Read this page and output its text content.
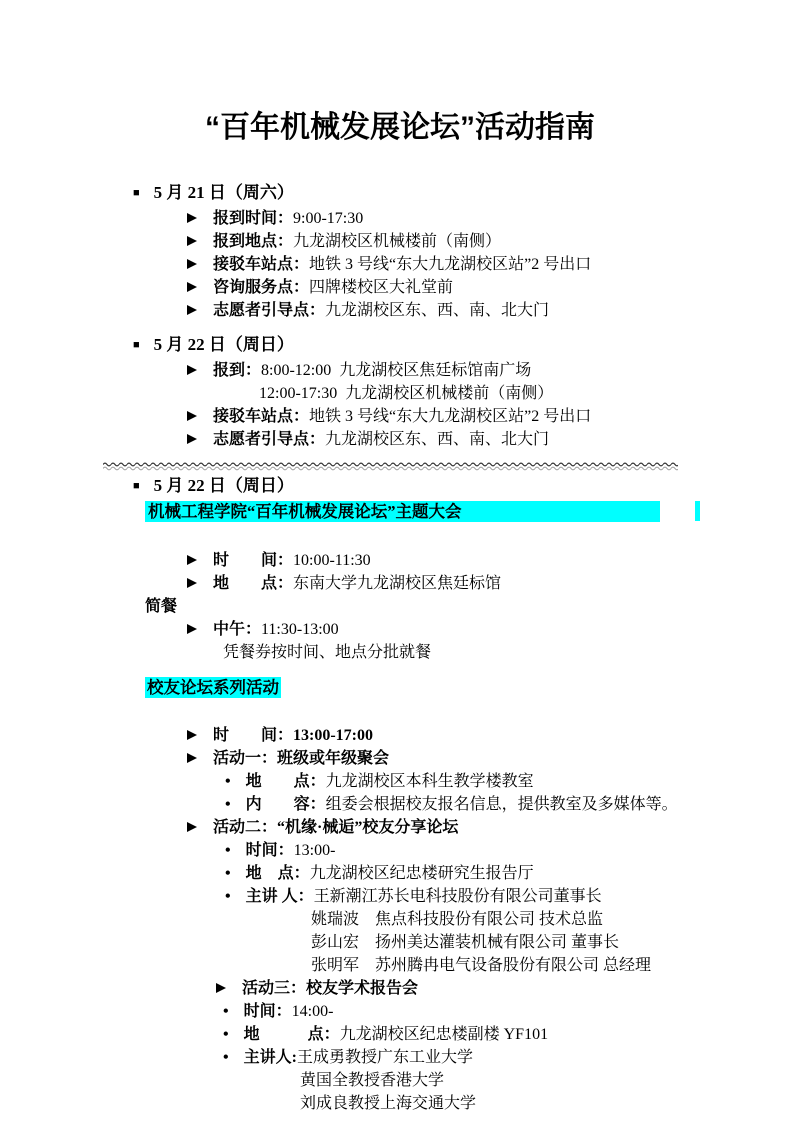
“百年机械发展论坛”活动指南
■ 5 月 21 日（周六）
报到时间：9:00-17:30
报到地点：九龙湖校区机械楼前（南侧）
接驳车站点：地铁 3 号线“东大九龙湖校区站”2 号出口
咨询服务点：四牌楼校区大礼堂前
志愿者引导点：九龙湖校区东、西、南、北大门
■ 5 月 22 日（周日）
报到：8:00-12:00  九龙湖校区焦廷标馆南广场
12:00-17:30  九龙湖校区机械楼前（南侧）
接驳车站点：地铁 3 号线“东大九龙湖校区站”2 号出口
志愿者引导点：九龙湖校区东、西、南、北大门
■ 5 月 22 日（周日）
机械工程学院“百年机械发展论坛”主题大会
时　　间：10:00-11:30
地　　点：东南大学九龙湖校区焦廷标馆
简餐
中午：11:30-13:00
凭餐券按时间、地点分批就餐
校友论坛系列活动
时　　间：13:00-17:00
活动一：班级或年级聚会
• 地　　点：九龙湖校区本科生教学楼教室
• 内　　容：组委会根据校友报名信息，提供教室及多媒体等。
活动二：“机缘·械逅”校友分享论坛
• 时间：13:00-
• 地　点：九龙湖校区纪忠楼研究生报告厅
• 主讲 人：王新潮江苏长电科技股份有限公司董事长
姚瑞波　焦点科技股份有限公司 技术总监
彭山宏　扬州美达灌装机械有限公司 董事长
张明军　苏州腾冉电气设备股份有限公司 总经理
活动三：校友学术报告会
• 时间：14:00-
• 地　　　点：九龙湖校区纪忠楼副楼 YF101
• 主讲人:王成勇教授广东工业大学
黄国全教授香港大学
刘成良教授上海交通大学
